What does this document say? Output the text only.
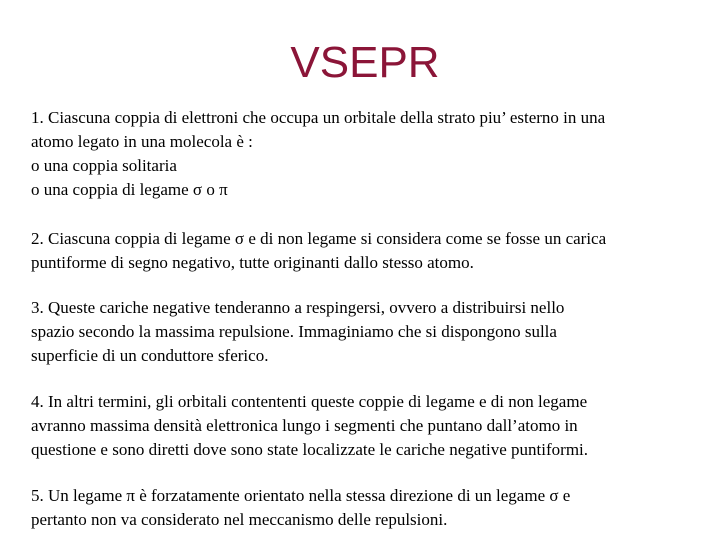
VSEPR
1. Ciascuna coppia di elettroni che occupa un orbitale della strato piu’ esterno in una
atomo legato in una molecola è :
o una coppia solitaria
o una coppia di legame σ o π
2. Ciascuna coppia di legame σ e di non legame si considera come se fosse un carica
puntiforme di segno negativo, tutte originanti dallo stesso atomo.
3. Queste cariche negative tenderanno a respingersi, ovvero a distribuirsi nello
spazio secondo la massima repulsione. Immaginiamo che si dispongono sulla
superficie di un conduttore sferico.
4. In altri termini, gli orbitali contententi queste coppie di legame e di non legame
avranno massima densità elettronica lungo i segmenti che puntano dall’atomo in
questione e sono diretti dove sono state localizzate le cariche negative puntiformi.
5. Un legame π è forzatamente orientato nella stessa direzione di un legame σ e
pertanto non va considerato nel meccanismo delle repulsioni.
